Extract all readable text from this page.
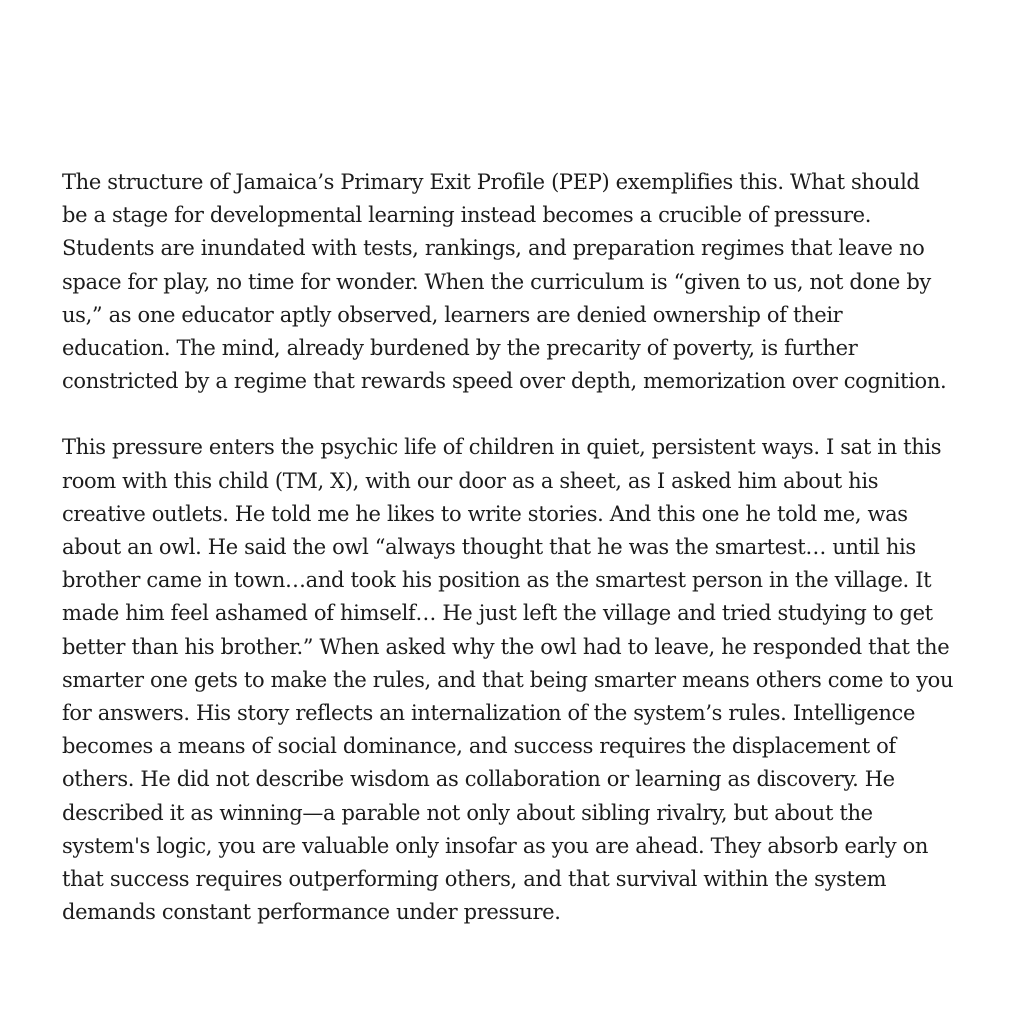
The structure of Jamaica’s Primary Exit Profile (PEP) exemplifies this. What should
be a stage for developmental learning instead becomes a crucible of pressure.
Students are inundated with tests, rankings, and preparation regimes that leave no
space for play, no time for wonder. When the curriculum is “given to us, not done by
us,” as one educator aptly observed, learners are denied ownership of their
education. The mind, already burdened by the precarity of poverty, is further
constricted by a regime that rewards speed over depth, memorization over cognition.

This pressure enters the psychic life of children in quiet, persistent ways. I sat in this
room with this child (TM, X), with our door as a sheet, as I asked him about his
creative outlets. He told me he likes to write stories. And this one he told me, was
about an owl. He said the owl “always thought that he was the smartest… until his
brother came in town…and took his position as the smartest person in the village. It
made him feel ashamed of himself… He just left the village and tried studying to get
better than his brother.” When asked why the owl had to leave, he responded that the
smarter one gets to make the rules, and that being smarter means others come to you
for answers. His story reflects an internalization of the system’s rules. Intelligence
becomes a means of social dominance, and success requires the displacement of
others. He did not describe wisdom as collaboration or learning as discovery. He
described it as winning—a parable not only about sibling rivalry, but about the
system's logic, you are valuable only insofar as you are ahead. They absorb early on
that success requires outperforming others, and that survival within the system
demands constant performance under pressure.
